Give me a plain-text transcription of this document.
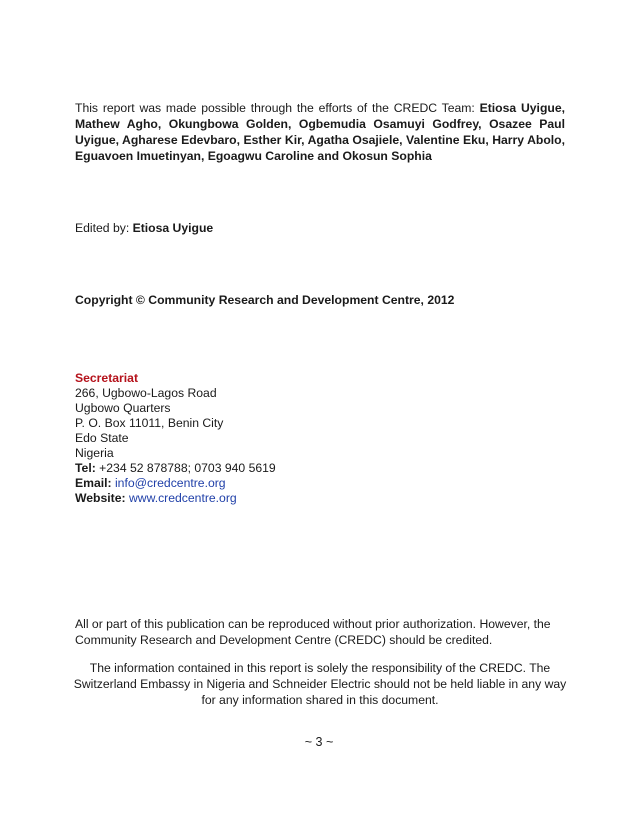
This report was made possible through the efforts of the CREDC Team: Etiosa Uyigue, Mathew Agho, Okungbowa Golden, Ogbemudia Osamuyi Godfrey, Osazee Paul Uyigue, Agharese Edevbaro, Esther Kir, Agatha Osajiele, Valentine Eku, Harry Abolo, Eguavoen Imuetinyan, Egoagwu Caroline and Okosun Sophia

Edited by: Etiosa Uyigue

Copyright © Community Research and Development Centre, 2012

Secretariat
266, Ugbowo-Lagos Road
Ugbowo Quarters
P. O. Box 11011, Benin City
Edo State
Nigeria
Tel: +234 52 878788; 0703 940 5619
Email: info@credcentre.org
Website: www.credcentre.org

All or part of this publication can be reproduced without prior authorization. However, the Community Research and Development Centre (CREDC) should be credited.

The information contained in this report is solely the responsibility of the CREDC. The Switzerland Embassy in Nigeria and Schneider Electric should not be held liable in any way for any information shared in this document.

~ 3 ~
